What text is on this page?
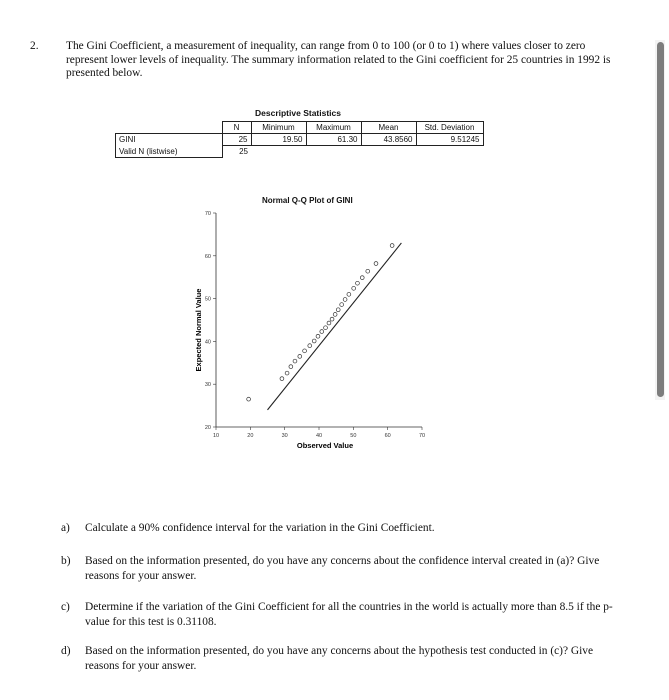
2. The Gini Coefficient, a measurement of inequality, can range from 0 to 100 (or 0 to 1) where values closer to zero represent lower levels of inequality. The summary information related to the Gini coefficient for 25 countries in 1992 is presented below.
Descriptive Statistics
	N	Minimum	Maximum	Mean	Std. Deviation
GINI	25	19.50	61.30	43.8560	9.51245
Valid N (listwise)	25				
Normal Q-Q Plot of GINI
10	20	30	40	50	60	70
20
30
40
50
60
70
Observed Value
Expected Normal Value
a) Calculate a 90% confidence interval for the variation in the Gini Coefficient.
b) Based on the information presented, do you have any concerns about the confidence interval created in (a)? Give reasons for your answer.
c) Determine if the variation of the Gini Coefficient for all the countries in the world is actually more than 8.5 if the p-value for this test is 0.31108.
d) Based on the information presented, do you have any concerns about the hypothesis test conducted in (c)? Give reasons for your answer.
